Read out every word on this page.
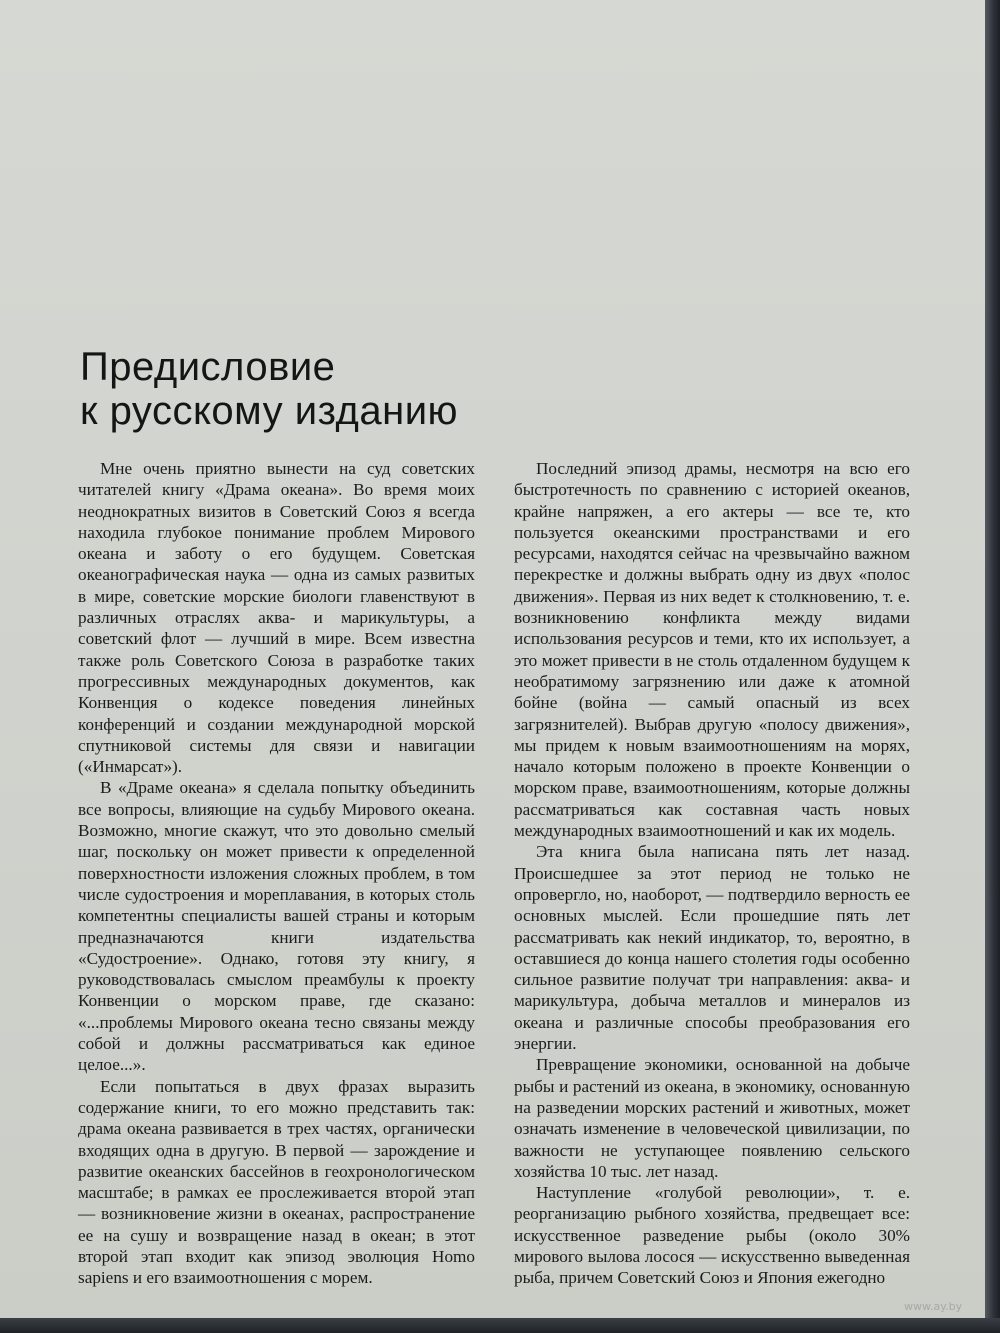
Предисловие
к русскому изданию

Мне очень приятно вынести на суд советских читателей книгу «Драма океана». Во время моих неоднократных визитов в Советский Союз я всегда находила глубокое понимание проблем Мирового океана и заботу о его будущем. Советская океанографическая наука — одна из самых развитых в мире, советские морские биологи главенствуют в различных отраслях аква- и марикультуры, а советский флот — лучший в мире. Всем известна также роль Советского Союза в разработке таких прогрессивных международных документов, как Конвенция о кодексе поведения линейных конференций и создании международной морской спутниковой системы для связи и навигации («Инмарсат»).

В «Драме океана» я сделала попытку объединить все вопросы, влияющие на судьбу Мирового океана. Возможно, многие скажут, что это довольно смелый шаг, поскольку он может привести к определенной поверхностности изложения сложных проблем, в том числе судостроения и мореплавания, в которых столь компетентны специалисты вашей страны и которым предназначаются книги издательства «Судостроение». Однако, готовя эту книгу, я руководствовалась смыслом преамбулы к проекту Конвенции о морском праве, где сказано: «...проблемы Мирового океана тесно связаны между собой и должны рассматриваться как единое целое...».

Если попытаться в двух фразах выразить содержание книги, то его можно представить так: драма океана развивается в трех частях, органически входящих одна в другую. В первой — зарождение и развитие океанских бассейнов в геохронологическом масштабе; в рамках ее прослеживается второй этап — возникновение жизни в океанах, распространение ее на сушу и возвращение назад в океан; в этот второй этап входит как эпизод эволюция Homo sapiens и его взаимоотношения с морем.

Последний эпизод драмы, несмотря на всю его быстротечность по сравнению с историей океанов, крайне напряжен, а его актеры — все те, кто пользуется океанскими пространствами и его ресурсами, находятся сейчас на чрезвычайно важном перекрестке и должны выбрать одну из двух «полос движения». Первая из них ведет к столкновению, т. е. возникновению конфликта между видами использования ресурсов и теми, кто их использует, а это может привести в не столь отдаленном будущем к необратимому загрязнению или даже к атомной бойне (война — самый опасный из всех загрязнителей). Выбрав другую «полосу движения», мы придем к новым взаимоотношениям на морях, начало которым положено в проекте Конвенции о морском праве, взаимоотношениям, которые должны рассматриваться как составная часть новых международных взаимоотношений и как их модель.

Эта книга была написана пять лет назад. Происшедшее за этот период не только не опровергло, но, наоборот, — подтвердило верность ее основных мыслей. Если прошедшие пять лет рассматривать как некий индикатор, то, вероятно, в оставшиеся до конца нашего столетия годы особенно сильное развитие получат три направления: аква- и марикультура, добыча металлов и минералов из океана и различные способы преобразования его энергии.

Превращение экономики, основанной на добыче рыбы и растений из океана, в экономику, основанную на разведении морских растений и животных, может означать изменение в человеческой цивилизации, по важности не уступающее появлению сельского хозяйства 10 тыс. лет назад.

Наступление «голубой революции», т. е. реорганизацию рыбного хозяйства, предвещает все: искусственное разведение рыбы (около 30% мирового вылова лосося — искусственно выведенная рыба, причем Советский Союз и Япония ежегодно

www.ay.by
